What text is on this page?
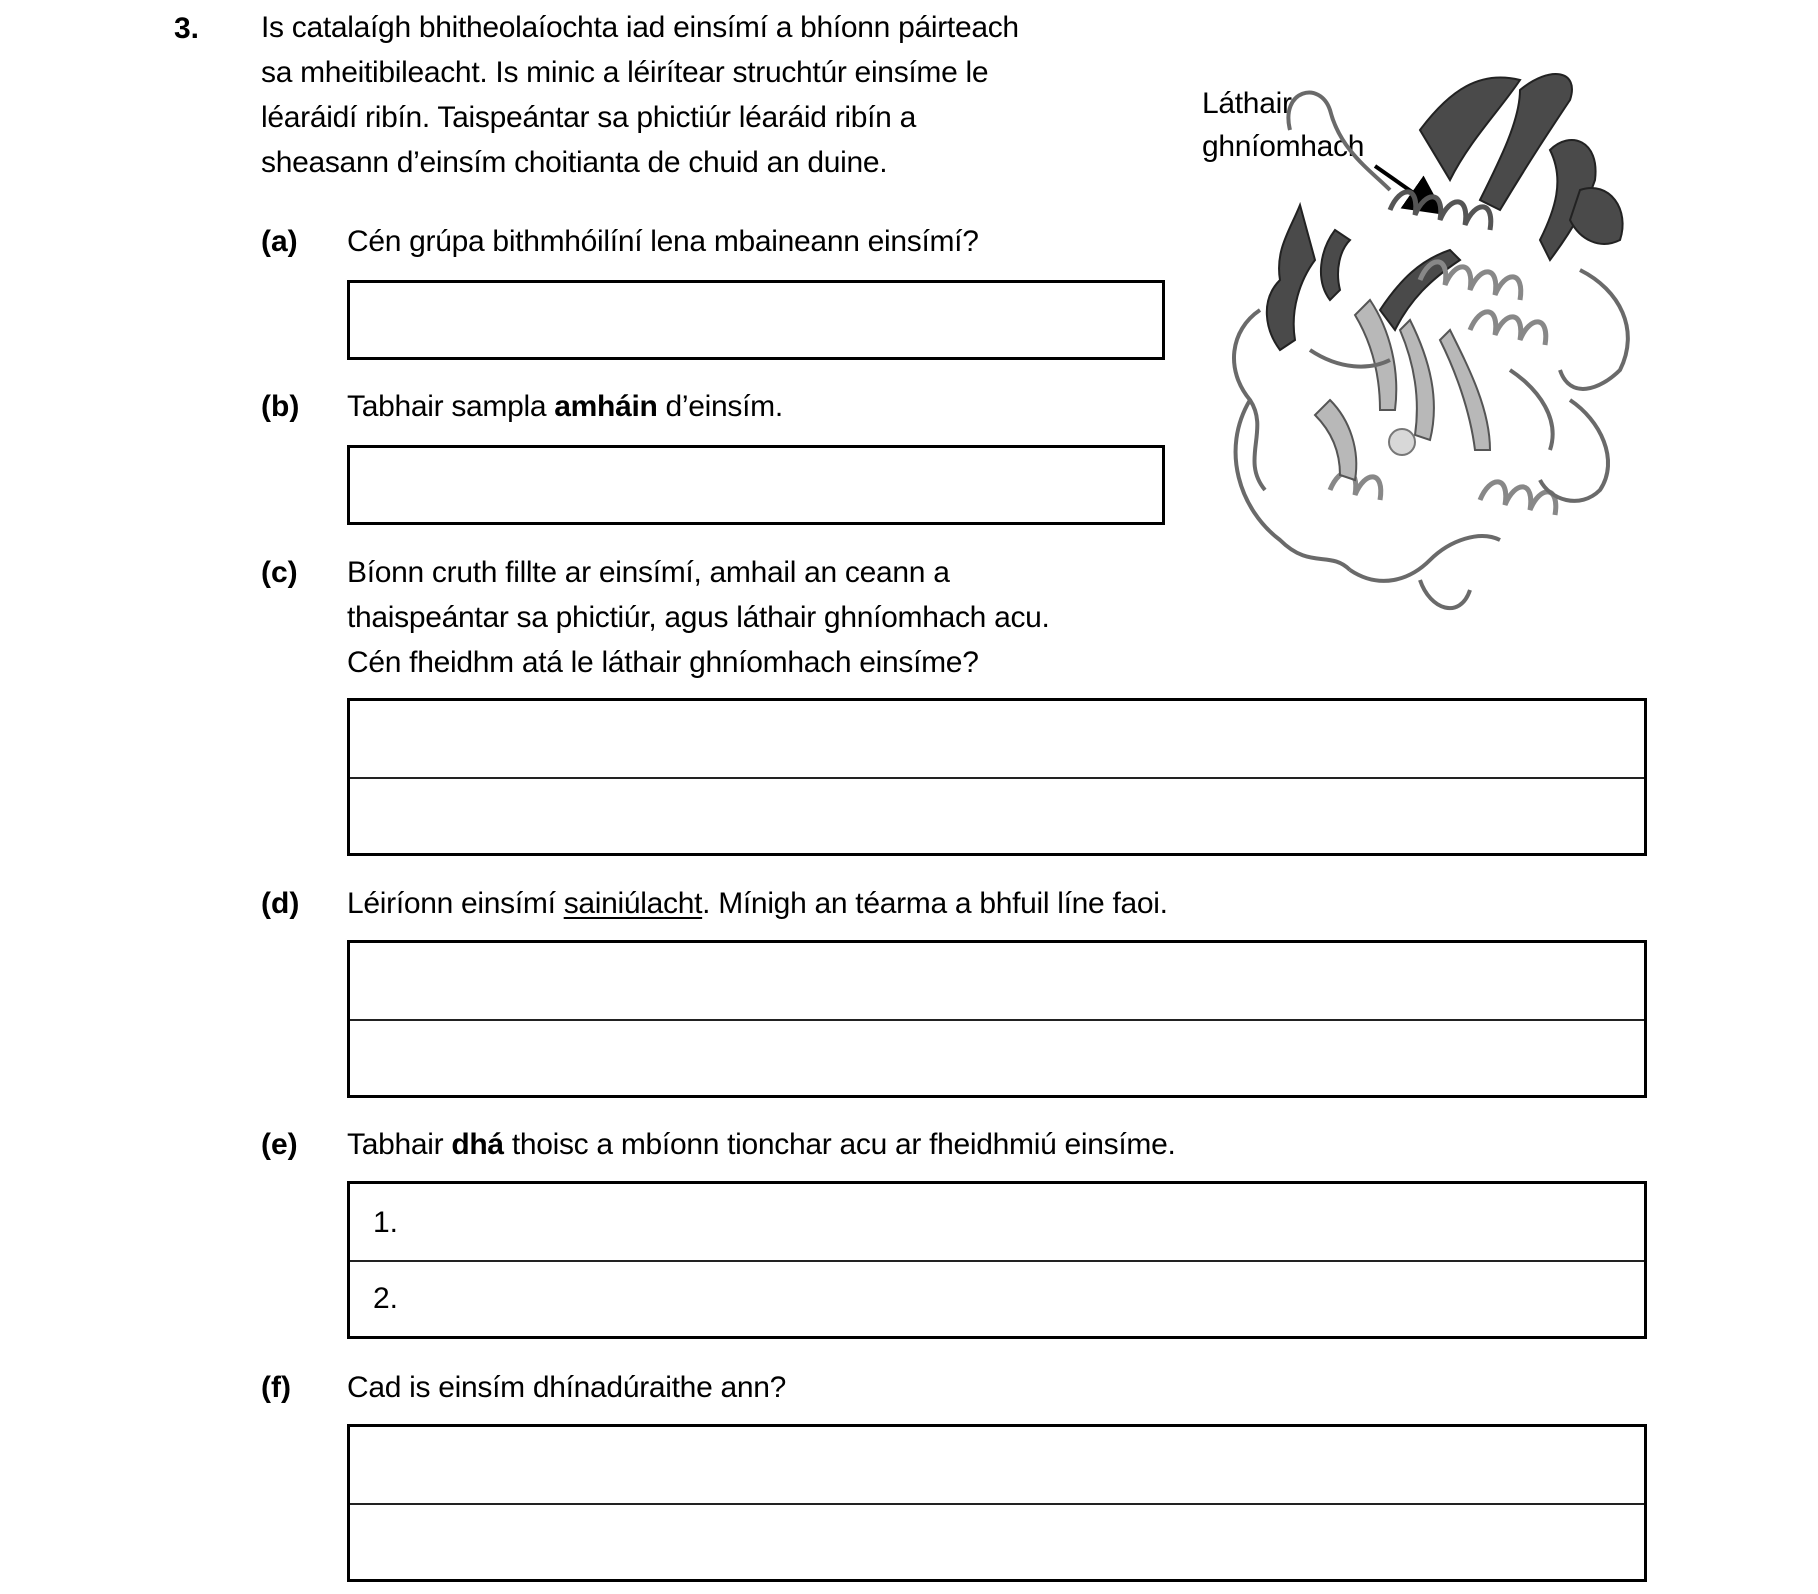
3. Is catalaígh bhitheolaíochta iad einsímí a bhíonn páirteach
sa mheitibileacht. Is minic a léirítear struchtúr einsíme le
léaráidí ribín. Taispeántar sa phictiúr léaráid ribín a
sheasann d’einsím choitianta de chuid an duine.
Láthair
ghníomhach
(a) Cén grúpa bithmhóilíní lena mbaineann einsímí?
(b) Tabhair sampla amháin d’einsím.
(c) Bíonn cruth fillte ar einsímí, amhail an ceann a
thaispeántar sa phictiúr, agus láthair ghníomhach acu.
Cén fheidhm atá le láthair ghníomhach einsíme?
(d) Léiríonn einsímí sainiúlacht. Mínigh an téarma a bhfuil líne faoi.
(e) Tabhair dhá thoisc a mbíonn tionchar acu ar fheidhmiú einsíme.
1.
2.
(f) Cad is einsím dhínadúraithe ann?
